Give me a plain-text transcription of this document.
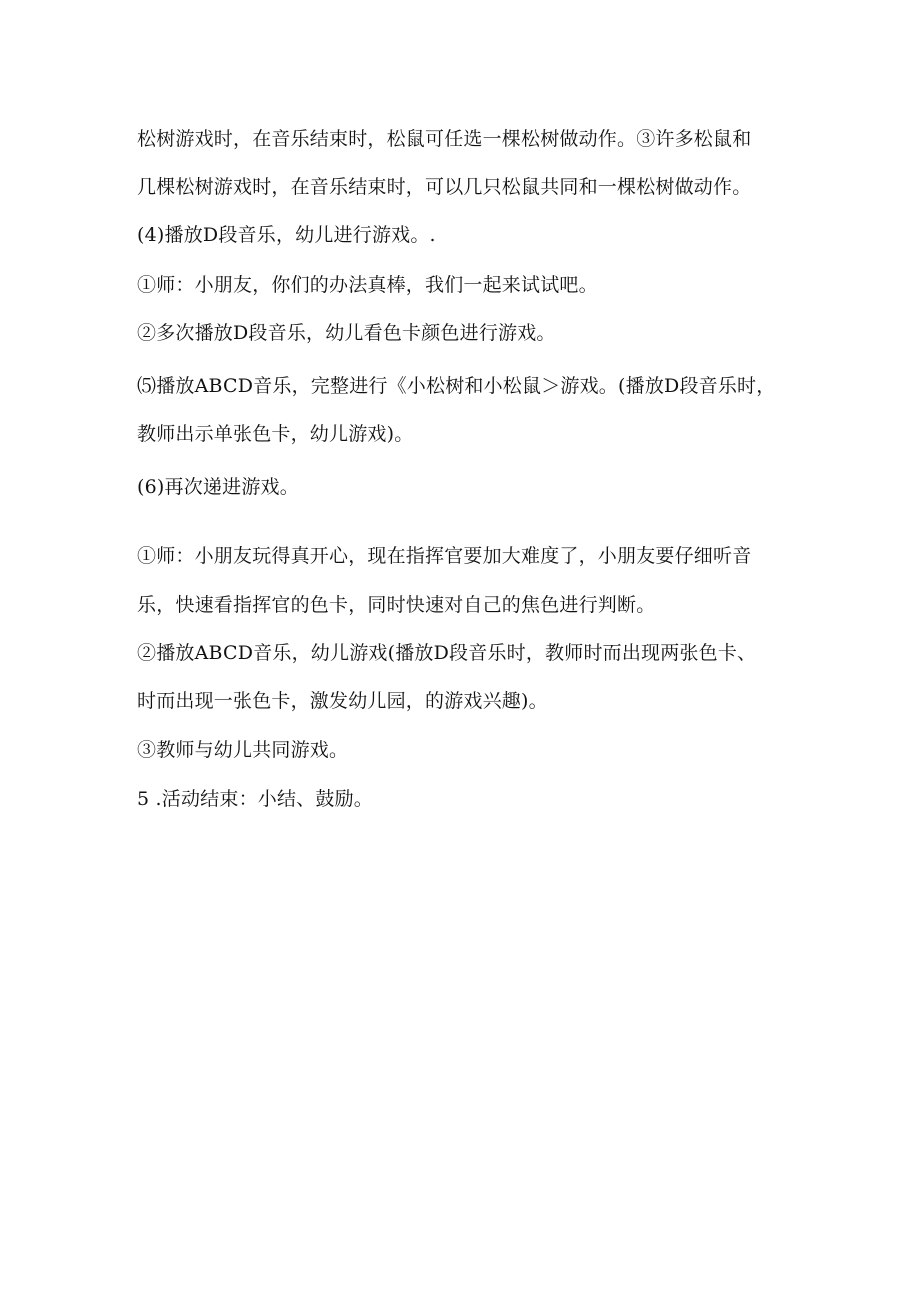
松树游戏时，在音乐结束时，松鼠可任选一棵松树做动作。③许多松鼠和
几棵松树游戏时，在音乐结束时，可以几只松鼠共同和一棵松树做动作。
(4)播放D段音乐，幼儿进行游戏。.
①师：小朋友，你们的办法真棒，我们一起来试试吧。
②多次播放D段音乐，幼儿看色卡颜色进行游戏。
⑸播放ABCD音乐，完整进行《小松树和小松鼠＞游戏。(播放D段音乐时，
教师出示单张色卡，幼儿游戏)。
(6)再次递进游戏。
①师：小朋友玩得真开心，现在指挥官要加大难度了，小朋友要仔细听音
乐，快速看指挥官的色卡，同时快速对自己的焦色进行判断。
②播放ABCD音乐，幼儿游戏(播放D段音乐时，教师时而出现两张色卡、
时而出现一张色卡，激发幼儿园，的游戏兴趣)。
③教师与幼儿共同游戏。
5 .活动结束：小结、鼓励。
